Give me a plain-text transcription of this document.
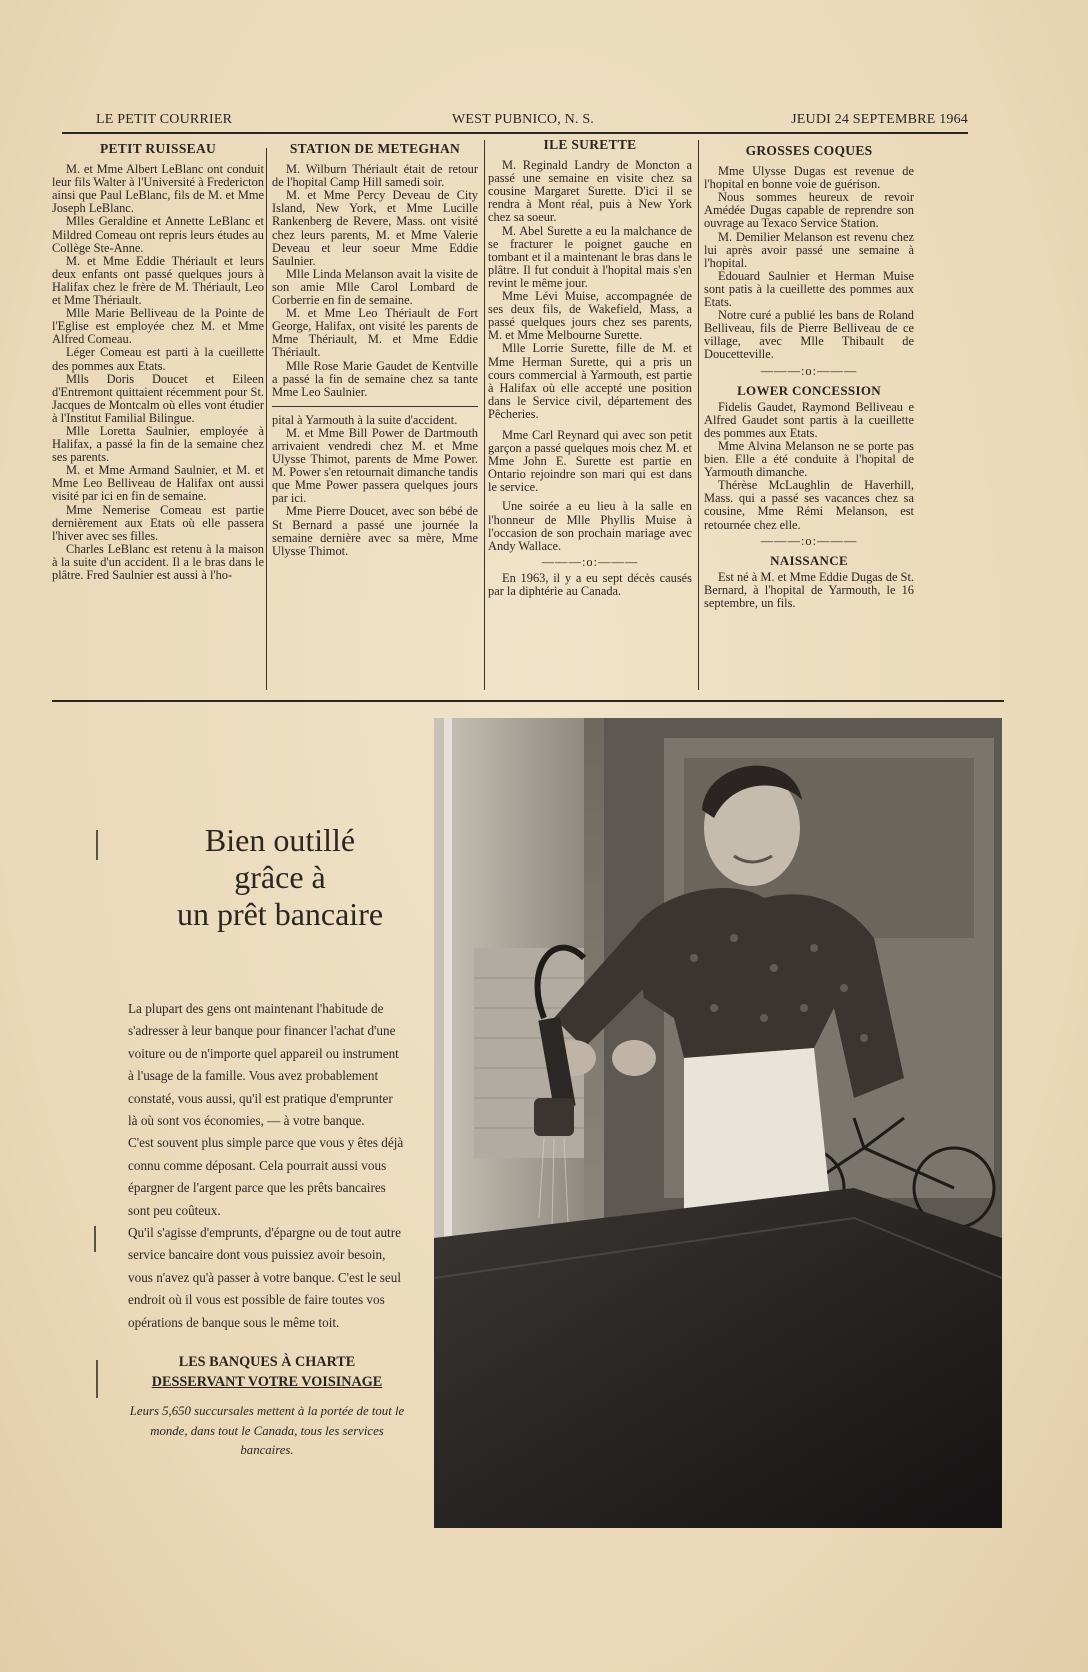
LE PETIT COURRIER	WEST PUBNICO, N. S.	JEUDI 24 SEPTEMBRE 1964
PETIT RUISSEAU

M. et Mme Albert LeBlanc ont conduit leur fils Walter à l'Université à Fredericton ainsi que Paul LeBlanc, fils de M. et Mme Joseph LeBlanc.

Mlles Geraldine et Annette LeBlanc et Mildred Comeau ont repris leurs études au Collège Ste-Anne.

M. et Mme Eddie Thériault et leurs deux enfants ont passé quelques jours à Halifax chez le frère de M. Thériault, Leo et Mme Thériault.

Mlle Marie Belliveau de la Pointe de l'Eglise est employée chez M. et Mme Alfred Comeau.

Léger Comeau est parti à la cueillette des pommes aux Etats.

Mlls Doris Doucet et Eileen d'Entremont quittaient récemment pour St. Jacques de Montcalm où elles vont étudier à l'Institut Familial Bilingue.

Mlle Loretta Saulnier, employée à Halifax, a passé la fin de la semaine chez ses parents.

M. et Mme Armand Saulnier, et M. et Mme Leo Belliveau de Halifax ont aussi visité par ici en fin de semaine.

Mme Nemerise Comeau est partie dernièrement aux Etats où elle passera l'hiver avec ses filles.

Charles LeBlanc est retenu à la maison à la suite d'un accident. Il a le bras dans le plâtre. Fred Saulnier est aussi à l'ho-

STATION DE METEGHAN

M. Wilburn Thériault était de retour de l'hopital Camp Hill samedi soir.

M. et Mme Percy Deveau de City Island, New York, et Mme Lucille Rankenberg de Revere, Mass. ont visité chez leurs parents, M. et Mme Valerie Deveau et leur soeur Mme Eddie Saulnier.

Mlle Linda Melanson avait la visite de son amie Mlle Carol Lombard de Corberrie en fin de semaine.

M. et Mme Leo Thériault de Fort George, Halifax, ont visité les parents de Mme Thériault, M. et Mme Eddie Thériault.

Mlle Rose Marie Gaudet de Kentville a passé la fin de semaine chez sa tante Mme Leo Saulnier.

pital à Yarmouth à la suite d'accident.

M. et Mme Bill Power de Dartmouth arrivaient vendredi chez M. et Mme Ulysse Thimot, parents de Mme Power. M. Power s'en retournait dimanche tandis que Mme Power passera quelques jours par ici.

Mme Pierre Doucet, avec son bébé de St Bernard a passé une journée la semaine dernière avec sa mère, Mme Ulysse Thimot.

ILE SURETTE

M. Reginald Landry de Moncton a passé une semaine en visite chez sa cousine Margaret Surette. D'ici il se rendra à Mont réal, puis à New York chez sa soeur.

M. Abel Surette a eu la malchance de se fracturer le poignet gauche en tombant et il a maintenant le bras dans le plâtre. Il fut conduit à l'hopital mais s'en revint le même jour.

Mme Lévi Muise, accompagnée de ses deux fils, de Wakefield, Mass, a passé quelques jours chez ses parents, M. et Mme Melbourne Surette.

Mlle Lorrie Surette, fille de M. et Mme Herman Surette, qui a pris un cours commercial à Yarmouth, est partie à Halifax où elle accepté une position dans le Service civil, département des Pêcheries.

Mme Carl Reynard qui avec son petit garçon a passé quelques mois chez M. et Mme John E. Surette est partie en Ontario rejoindre son mari qui est dans le service.

Une soirée a eu lieu à la salle en l'honneur de Mlle Phyllis Muise à l'occasion de son prochain mariage avec Andy Wallace.

———:o:———

En 1963, il y a eu sept décès causés par la diphtérie au Canada.

GROSSES COQUES

Mme Ulysse Dugas est revenue de l'hopital en bonne voie de guérison.

Nous sommes heureux de revoir Amédée Dugas capable de reprendre son ouvrage au Texaco Service Station.

M. Demilier Melanson est revenu chez lui après avoir passé une semaine à l'hopital.

Edouard Saulnier et Herman Muise sont patis à la cueillette des pommes aux Etats.

Notre curé a publié les bans de Roland Belliveau, fils de Pierre Belliveau de ce village, avec Mlle Thibault de Doucetteville.

———:o:———

LOWER CONCESSION

Fidelis Gaudet, Raymond Belliveau e Alfred Gaudet sont partis à la cueillette des pommes aux Etats.

Mme Alvina Melanson ne se porte pas bien. Elle a été conduite à l'hopital de Yarmouth dimanche.

Thérèse McLaughlin de Haverhill, Mass. qui a passé ses vacances chez sa cousine, Mme Rémi Melanson, est retournée chez elle.

———:o:———

NAISSANCE

Est né à M. et Mme Eddie Dugas de St. Bernard, à l'hopital de Yarmouth, le 16 septembre, un fils.

Bien outillé
grâce à
un prêt bancaire

La plupart des gens ont maintenant l'habitude de s'adresser à leur banque pour financer l'achat d'une voiture ou de n'importe quel appareil ou instrument à l'usage de la famille. Vous avez probablement constaté, vous aussi, qu'il est pratique d'emprunter là où sont vos économies, — à votre banque.

C'est souvent plus simple parce que vous y êtes déjà connu comme déposant. Cela pourrait aussi vous épargner de l'argent parce que les prêts bancaires sont peu coûteux.

Qu'il s'agisse d'emprunts, d'épargne ou de tout autre service bancaire dont vous puissiez avoir besoin, vous n'avez qu'à passer à votre banque. C'est le seul endroit où il vous est possible de faire toutes vos opérations de banque sous le même toit.

LES BANQUES À CHARTE
DESSERVANT VOTRE VOISINAGE
Leurs 5,650 succursales mettent à la portée de tout le monde, dans tout le Canada, tous les services bancaires.
